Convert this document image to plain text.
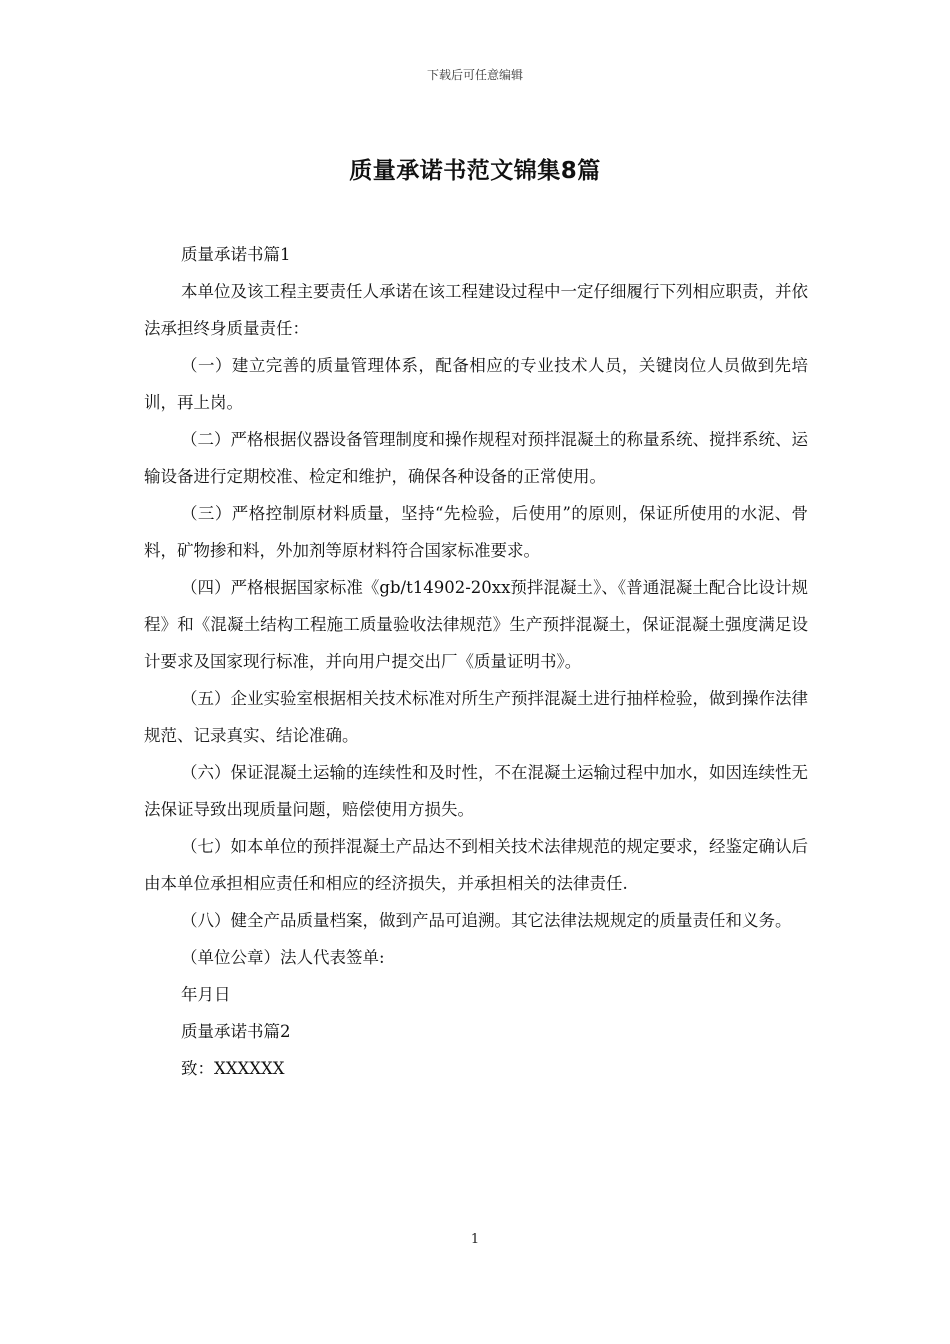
下载后可任意编辑
质量承诺书范文锦集8篇

质量承诺书篇1

本单位及该工程主要责任人承诺在该工程建设过程中一定仔细履行下列相应职责，并依法承担终身质量责任：

（一）建立完善的质量管理体系，配备相应的专业技术人员，关键岗位人员做到先培训，再上岗。

（二）严格根据仪器设备管理制度和操作规程对预拌混凝土的称量系统、搅拌系统、运输设备进行定期校准、检定和维护，确保各种设备的正常使用。

（三）严格控制原材料质量，坚持“先检验，后使用”的原则，保证所使用的水泥、骨料，矿物掺和料，外加剂等原材料符合国家标准要求。

（四）严格根据国家标准《gb/t14902-20xx预拌混凝土》、《普通混凝土配合比设计规程》和《混凝土结构工程施工质量验收法律规范》生产预拌混凝土，保证混凝土强度满足设计要求及国家现行标准，并向用户提交出厂《质量证明书》。

（五）企业实验室根据相关技术标准对所生产预拌混凝土进行抽样检验，做到操作法律规范、记录真实、结论准确。

（六）保证混凝土运输的连续性和及时性，不在混凝土运输过程中加水，如因连续性无法保证导致出现质量问题，赔偿使用方损失。

（七）如本单位的预拌混凝土产品达不到相关技术法律规范的规定要求，经鉴定确认后由本单位承担相应责任和相应的经济损失，并承担相关的法律责任.

（八）健全产品质量档案，做到产品可追溯。其它法律法规规定的质量责任和义务。

（单位公章）法人代表签单:

年月日

质量承诺书篇2

致：XXXXXX

1
